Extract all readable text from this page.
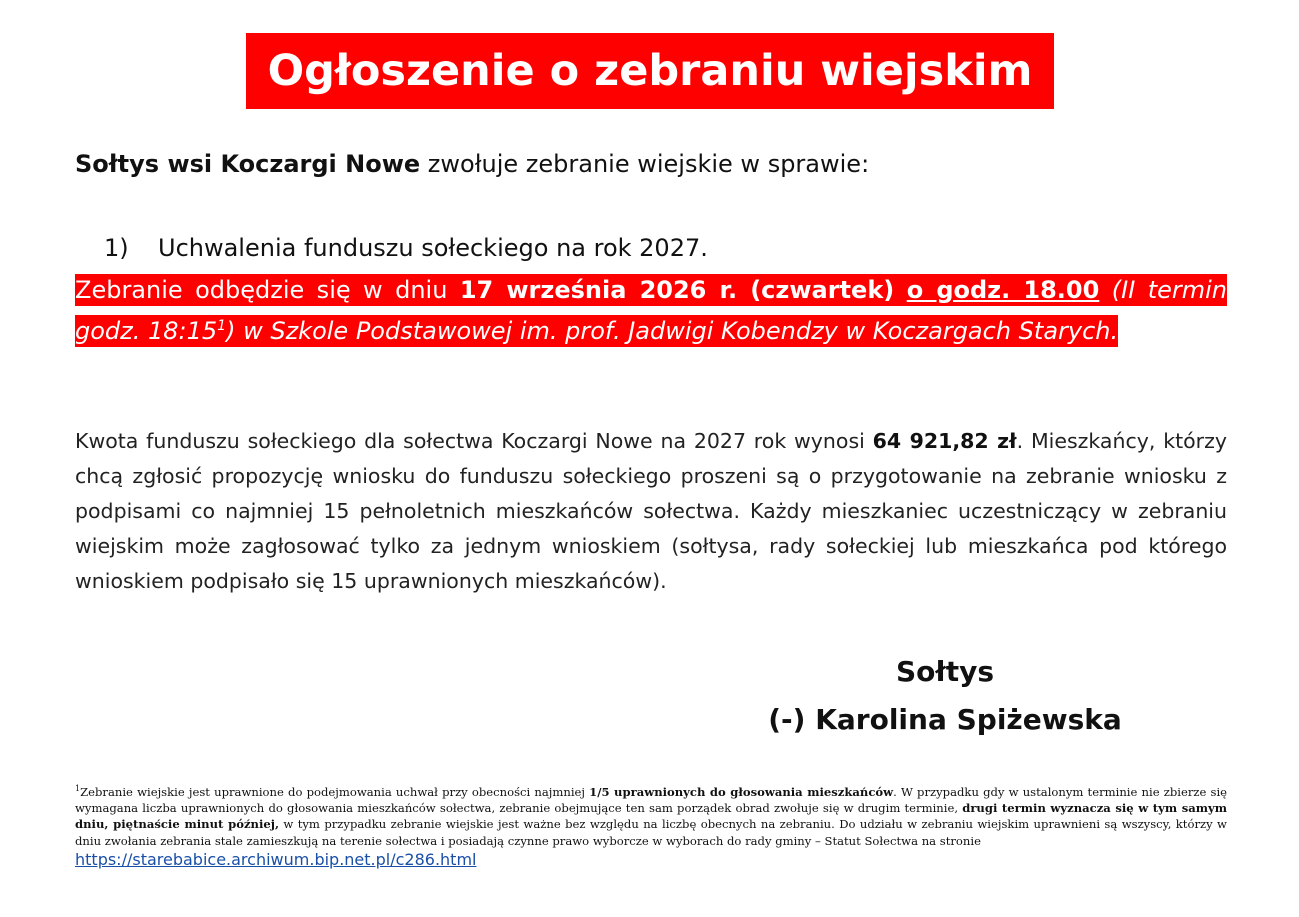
Ogłoszenie o zebraniu wiejskim
Sołtys wsi Koczargi Nowe zwołuje zebranie wiejskie w sprawie:
1) Uchwalenia funduszu sołeckiego na rok 2027.
Zebranie odbędzie się w dniu 17 września 2026 r. (czwartek) o godz. 18.00 (II termin godz. $18:15^1$) w Szkole Podstawowej im. prof. Jadwigi Kobendzy w Koczargach Starych.
Kwota funduszu sołeckiego dla sołectwa Koczargi Nowe na 2027 rok wynosi 64 921,82 zł. Mieszkańcy, którzy chcą zgłosić propozycję wniosku do funduszu sołeckiego proszeni są o przygotowanie na zebranie wniosku z podpisami co najmniej 15 pełnoletnich mieszkańców sołectwa. Każdy mieszkaniec uczestniczący w zebraniu wiejskim może zagłosować tylko za jednym wnioskiem (sołtysa, rady sołeckiej lub mieszkańca pod którego wnioskiem podpisało się 15 uprawnionych mieszkańców).
Sołtys
(-) Karolina Spiżewska
$^1$Zebranie wiejskie jest uprawnione do podejmowania uchwał przy obecności najmniej 1/5 uprawnionych do głosowania mieszkańców. W przypadku gdy w ustalonym terminie nie zbierze się wymagana liczba uprawnionych do głosowania mieszkańców sołectwa, zebranie obejmujące ten sam porządek obrad zwołuje się w drugim terminie, drugi termin wyznacza się w tym samym dniu, piętnaście minut później, w tym przypadku zebranie wiejskie jest ważne bez względu na liczbę obecnych na zebraniu. Do udziału w zebraniu wiejskim uprawnieni są wszyscy, którzy w dniu zwołania zebrania stale zamieszkują na terenie sołectwa i posiadają czynne prawo wyborcze w wyborach do rady gminy – Statut Sołectwa na stronie
https://starebabice.archiwum.bip.net.pl/c286.html
